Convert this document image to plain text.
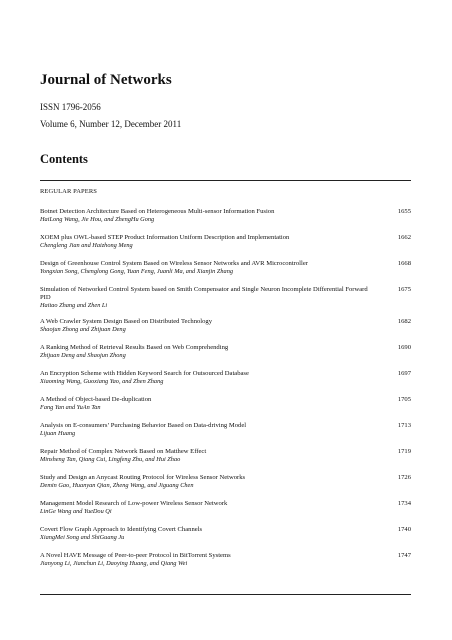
Journal of Networks
ISSN 1796-2056
Volume 6, Number 12, December 2011
Contents
REGULAR PAPERS
Botnet Detection Architecture Based on Heterogeneous Multi-sensor Information Fusion
HaiLong Wang, Jie Hou, and ZhengHu Gong
1655
XOEM plus OWL-based STEP Product Information Uniform Description and Implementation
Chengleng Jian and Haizhong Meng
1662
Design of Greenhouse Control System Based on Wireless Sensor Networks and AVR Microcontroller
Yongxian Song, Chenglong Gong, Yuan Feng, Juanli Ma, and Xianjin Zhang
1668
Simulation of Networked Control System based on Smith Compensator and Single Neuron Incomplete Differential Forward PID
Haitao Zhang and Zhen Li
1675
A Web Crawler System Design Based on Distributed Technology
Shaojun Zhong and Zhijuan Deng
1682
A Ranking Method of Retrieval Results Based on Web Comprehending
Zhijuan Deng and Shaojun Zhong
1690
An Encryption Scheme with Hidden Keyword Search for Outsourced Database
Xiaoming Wang, Guoxiang Yao, and Zhen Zhang
1697
A Method of Object-based De-duplication
Fang Yan and YuAn Tan
1705
Analysis on E-consumers’ Purchasing Behavior Based on Data-driving Model
Lijuan Huang
1713
Repair Method of Complex Network Based on Matthew Effect
Minsheng Tan, Qiang Cui, Lingfeng Zhu, and Hui Zhao
1719
Study and Design an Anycast Routing Protocol for Wireless Sensor Networks
Demin Gao, Huanyan Qian, Zheng Wang, and Jiguang Chen
1726
Management Model Research of Low-power Wireless Sensor Network
LinGe Wang and YueDou Qi
1734
Covert Flow Graph Approach to Identifying Covert Channels
XiangMei Song and ShiGuang Ju
1740
A Novel HAVE Message of Peer-to-peer Protocol in BitTorrent Systems
Jianyong Li, Jianchun Li, Daoying Huang, and Qiang Wei
1747
